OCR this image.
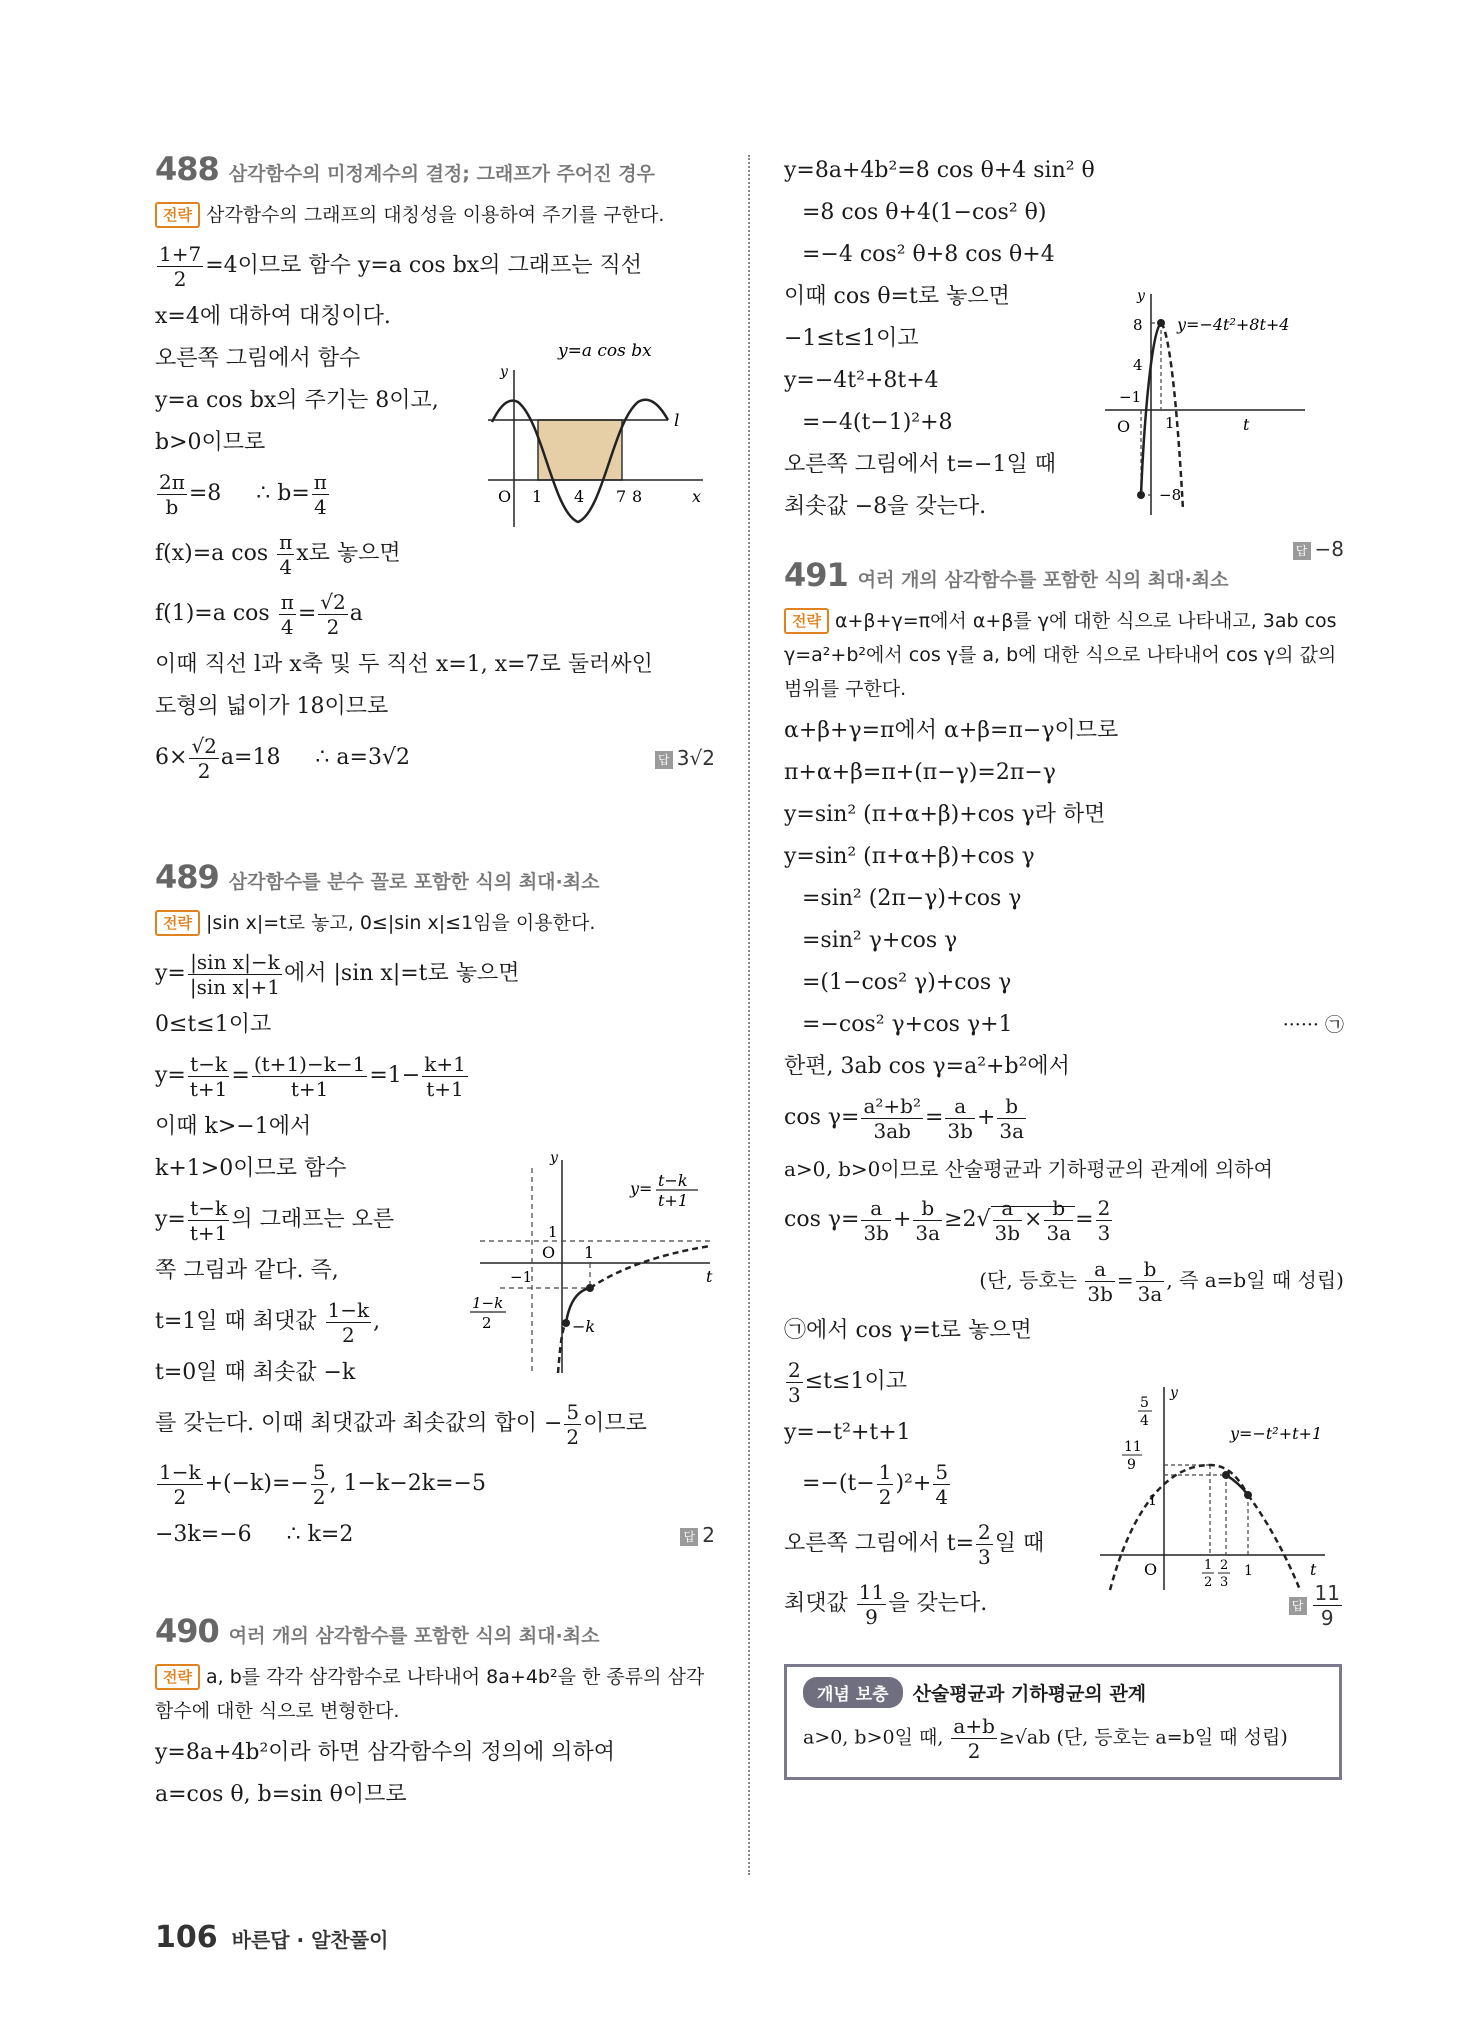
488 삼각함수의 미정계수의 결정; 그래프가 주어진 경우
전략 삼각함수의 그래프의 대칭성을 이용하여 주기를 구한다.
$\frac{1+7}{2} =4$이므로 함수 y=a cos bx의 그래프는 직선
x=4에 대하여 대칭이다.
오른쪽 그림에서 함수
y=a cos bx의 주기는 8이고,
b>0이므로
$\frac{2\pi}{b} =8$     ∴ $b= \frac{\pi}{4}$
f(x)=a $\cos \frac{\pi}{4}$ x로 놓으면
f(1)=a $\cos \frac{\pi}{4} = \frac{√2}{2}$ a
이때 직선 l과 x축 및 두 직선 x=1, x=7로 둘러싸인
도형의 넓이가 18이므로
$6\times \frac{√2}{2} a=18$     ∴ a=3√2	답 3√2
489 삼각함수를 분수 꼴로 포함한 식의 최대·최소
전략 |sin x|=t로 놓고, 0≤|sin x|≤1임을 이용한다.
$y= \frac{\text{|sin x|−k}}{\text{|sin x|+1}}$ 에서 |sin x|=t로 놓으면
0≤t≤1이고
$y= \frac{t-k}{t+1} = \frac{(t+1)-k-1}{t+1} =1- \frac{k+1}{t+1}$
이때 k>−1에서
k+1>0이므로 함수
$y= \frac{t-k}{t+1}$ 의 그래프는 오른
쪽 그림과 같다. 즉,
t=1일 때 최댓값 $\frac{1-k}{2}$ ,
t=0일 때 최솟값 −k
를 갖는다. 이때 최댓값과 최솟값의 합이 − $\frac{5}{2}$ 이므로
$\frac{1-k}{2} +(-k)=- \frac{5}{2}$ , 1−k−2k=−5
−3k=−6     ∴ k=2	답 2
490 여러 개의 삼각함수를 포함한 식의 최대·최소
전략 a, b를 각각 삼각함수로 나타내어 8a+4b²을 한 종류의 삼각함수에 대한 식으로 변형한다.
y=8a+4b²이라 하면 삼각함수의 정의에 의하여
a=cos θ, b=sin θ이므로
y=8a+4b²=8 cos θ+4 sin² θ
=8 cos θ+4(1−cos² θ)
=−4 cos² θ+8 cos θ+4
이때 cos θ=t로 놓으면
−1≤t≤1이고
y=−4t²+8t+4
=−4(t−1)²+8
오른쪽 그림에서 t=−1일 때
최솟값 −8을 갖는다.
답 −8
491 여러 개의 삼각함수를 포함한 식의 최대·최소
전략 α+β+γ=π에서 α+β를 γ에 대한 식으로 나타내고, 3ab cos γ=a²+b²에서 cos γ를 a, b에 대한 식으로 나타내어 cos γ의 값의 범위를 구한다.
α+β+γ=π에서 α+β=π−γ이므로
π+α+β=π+(π−γ)=2π−γ
y=sin² (π+α+β)+cos γ라 하면
y=sin² (π+α+β)+cos γ
=sin² (2π−γ)+cos γ
=sin² γ+cos γ
=(1−cos² γ)+cos γ
=−cos² γ+cos γ+1	······ ㉠
한편, 3ab cos γ=a²+b²에서
$\cos \gamma= \frac{\text{a²+b²}}{3ab} = \frac{a}{3b} + \frac{b}{3a}$
a>0, b>0이므로 산술평균과 기하평균의 관계에 의하여
$\cos \gamma= \frac{a}{3b} + \frac{b}{3a} \ge 2√ \frac{a}{3b} \times \frac{b}{3a} = \frac{2}{3}$
(단, 등호는 $\frac{a}{3b} = \frac{b}{3a}$ , 즉 a=b일 때 성립)
㉠에서 cos γ=t로 놓으면
$\frac{2}{3} \le t\le 1$이고
y=−t²+t+1
$=-(t- \frac{1}{2} )^2+ \frac{5}{4}$
오른쪽 그림에서 $t= \frac{2}{3}$ 일 때
최댓값 $\frac{11}{9}$ 을 갖는다.	답 $\frac{11}{9}$
개념 보충 산술평균과 기하평균의 관계
a>0, b>0일 때, $\frac{a+b}{2} \ge√ab$ (단, 등호는 a=b일 때 성립)
y=a cos bx
l
O 1 4 7 8	x
y
y= t−k
t+1
1
O 1
−1	t
y
−k
1−k
2
y=−4t²+8t+4
8
4
−1
O 1
−8
t
y
y=−t²+t+1
5
4
11
9
1
O	1
2
2
3
1	t
y
106 바른답 · 알찬풀이
